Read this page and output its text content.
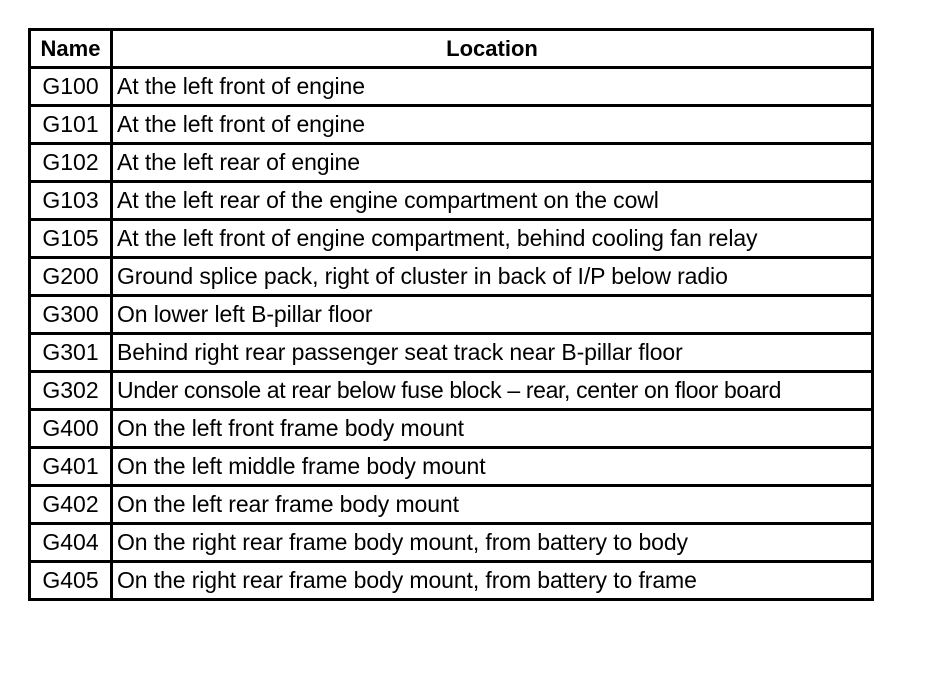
Name	Location
G100	At the left front of engine
G101	At the left front of engine
G102	At the left rear of engine
G103	At the left rear of the engine compartment on the cowl
G105	At the left front of engine compartment, behind cooling fan relay
G200	Ground splice pack, right of cluster in back of I/P below radio
G300	On lower left B-pillar floor
G301	Behind right rear passenger seat track near B-pillar floor
G302	Under console at rear below fuse block – rear, center on floor board
G400	On the left front frame body mount
G401	On the left middle frame body mount
G402	On the left rear frame body mount
G404	On the right rear frame body mount, from battery to body
G405	On the right rear frame body mount, from battery to frame
